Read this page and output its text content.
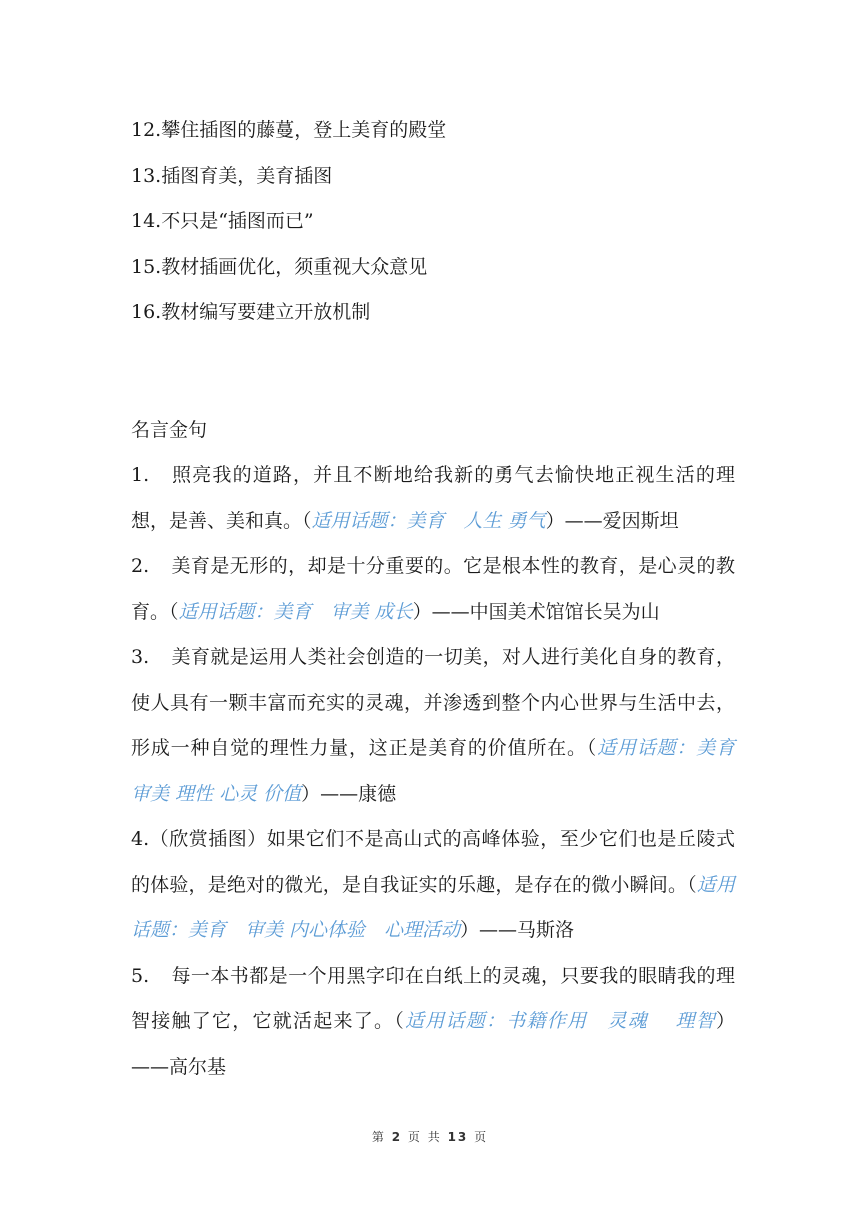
12.攀住插图的藤蔓，登上美育的殿堂
13.插图育美，美育插图
14.不只是“插图而已”
15.教材插画优化，须重视大众意见
16.教材编写要建立开放机制
名言金句
1. 照亮我的道路，并且不断地给我新的勇气去愉快地正视生活的理想，是善、美和真。（适用话题：美育　人生 勇气）——爱因斯坦
2. 美育是无形的，却是十分重要的。它是根本性的教育，是心灵的教育。（适用话题：美育　审美 成长）——中国美术馆馆长吴为山
3. 美育就是运用人类社会创造的一切美，对人进行美化自身的教育，使人具有一颗丰富而充实的灵魂，并渗透到整个内心世界与生活中去，形成一种自觉的理性力量，这正是美育的价值所在。（适用话题：美育　审美 理性 心灵 价值）——康德
4.（欣赏插图）如果它们不是高山式的高峰体验，至少它们也是丘陵式的体验，是绝对的微光，是自我证实的乐趣，是存在的微小瞬间。（适用话题：美育　审美 内心体验　心理活动）——马斯洛
5. 每一本书都是一个用黑字印在白纸上的灵魂，只要我的眼睛我的理智接触了它，它就活起来了。（适用话题：书籍作用　灵魂　 理智）——高尔基
第 2 页 共 13 页
